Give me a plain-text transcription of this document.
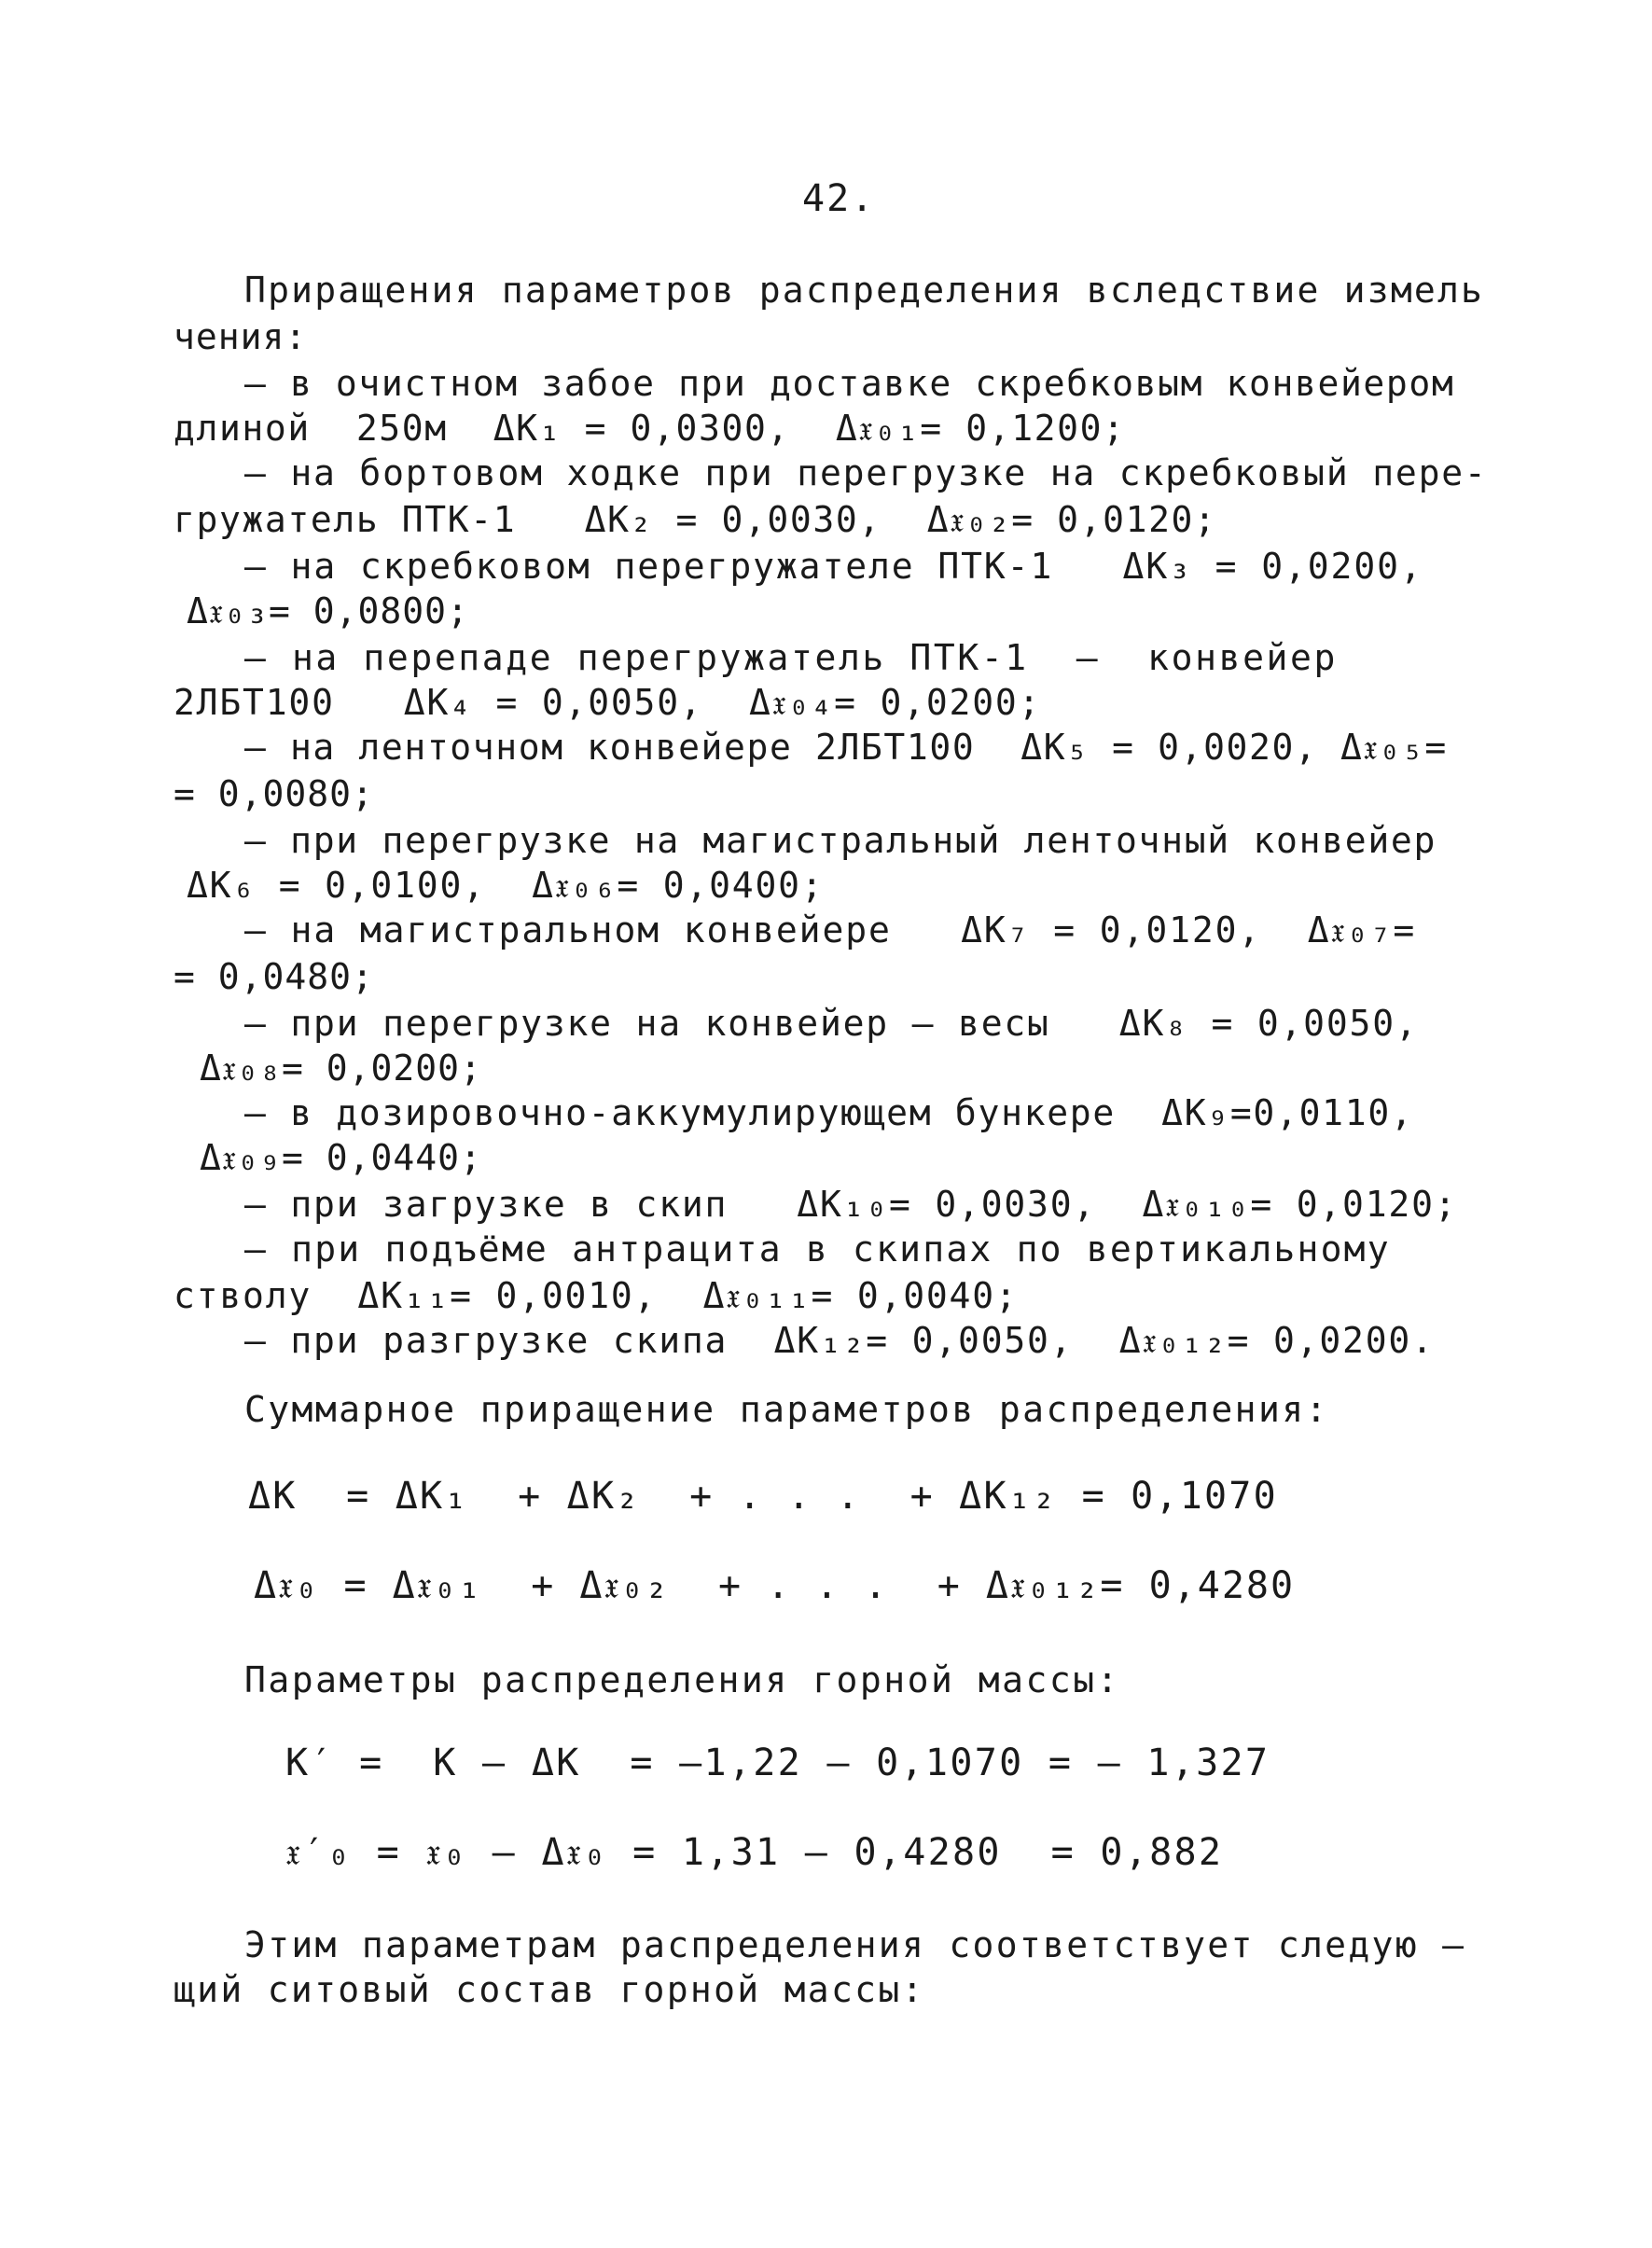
42.
Приращения параметров распределения вследствие измель
чения:
– в очистном забое при доставке скребковым конвейером
длиной  250м  ΔK₁ = 0,0300,  Δ𝔵₀₁= 0,1200;
– на бортовом ходке при перегрузке на скребковый пере-
гружатель ПТК-1   ΔK₂ = 0,0030,  Δ𝔵₀₂= 0,0120;
– на скребковом перегружателе ПТК-1   ΔK₃ = 0,0200,
Δ𝔵₀₃= 0,0800;
– на перепаде перегружатель ПТК-1  –  конвейер
2ЛБТ100   ΔK₄ = 0,0050,  Δ𝔵₀₄= 0,0200;
– на ленточном конвейере 2ЛБТ100  ΔK₅ = 0,0020, Δ𝔵₀₅=
= 0,0080;
– при перегрузке на магистральный ленточный конвейер
ΔK₆ = 0,0100,  Δ𝔵₀₆= 0,0400;
– на магистральном конвейере   ΔK₇ = 0,0120,  Δ𝔵₀₇=
= 0,0480;
– при перегрузке на конвейер – весы   ΔK₈ = 0,0050,
Δ𝔵₀₈= 0,0200;
– в дозировочно-аккумулирующем бункере  ΔK₉=0,0110,
Δ𝔵₀₉= 0,0440;
– при загрузке в скип   ΔK₁₀= 0,0030,  Δ𝔵₀₁₀= 0,0120;
– при подъёме антрацита в скипах по вертикальному
стволу  ΔK₁₁= 0,0010,  Δ𝔵₀₁₁= 0,0040;
– при разгрузке скипа  ΔK₁₂= 0,0050,  Δ𝔵₀₁₂= 0,0200.
Суммарное приращение параметров распределения:
ΔK  = ΔK₁  + ΔK₂  + . . .  + ΔK₁₂ = 0,1070
Δ𝔵₀ = Δ𝔵₀₁  + Δ𝔵₀₂  + . . .  + Δ𝔵₀₁₂= 0,4280
Параметры распределения горной массы:
K′ =  K – ΔK  = –1,22 – 0,1070 = – 1,327
𝔵′₀ = 𝔵₀ – Δ𝔵₀ = 1,31 – 0,4280  = 0,882
Этим параметрам распределения соответствует следую –
щий ситовый состав горной массы:
